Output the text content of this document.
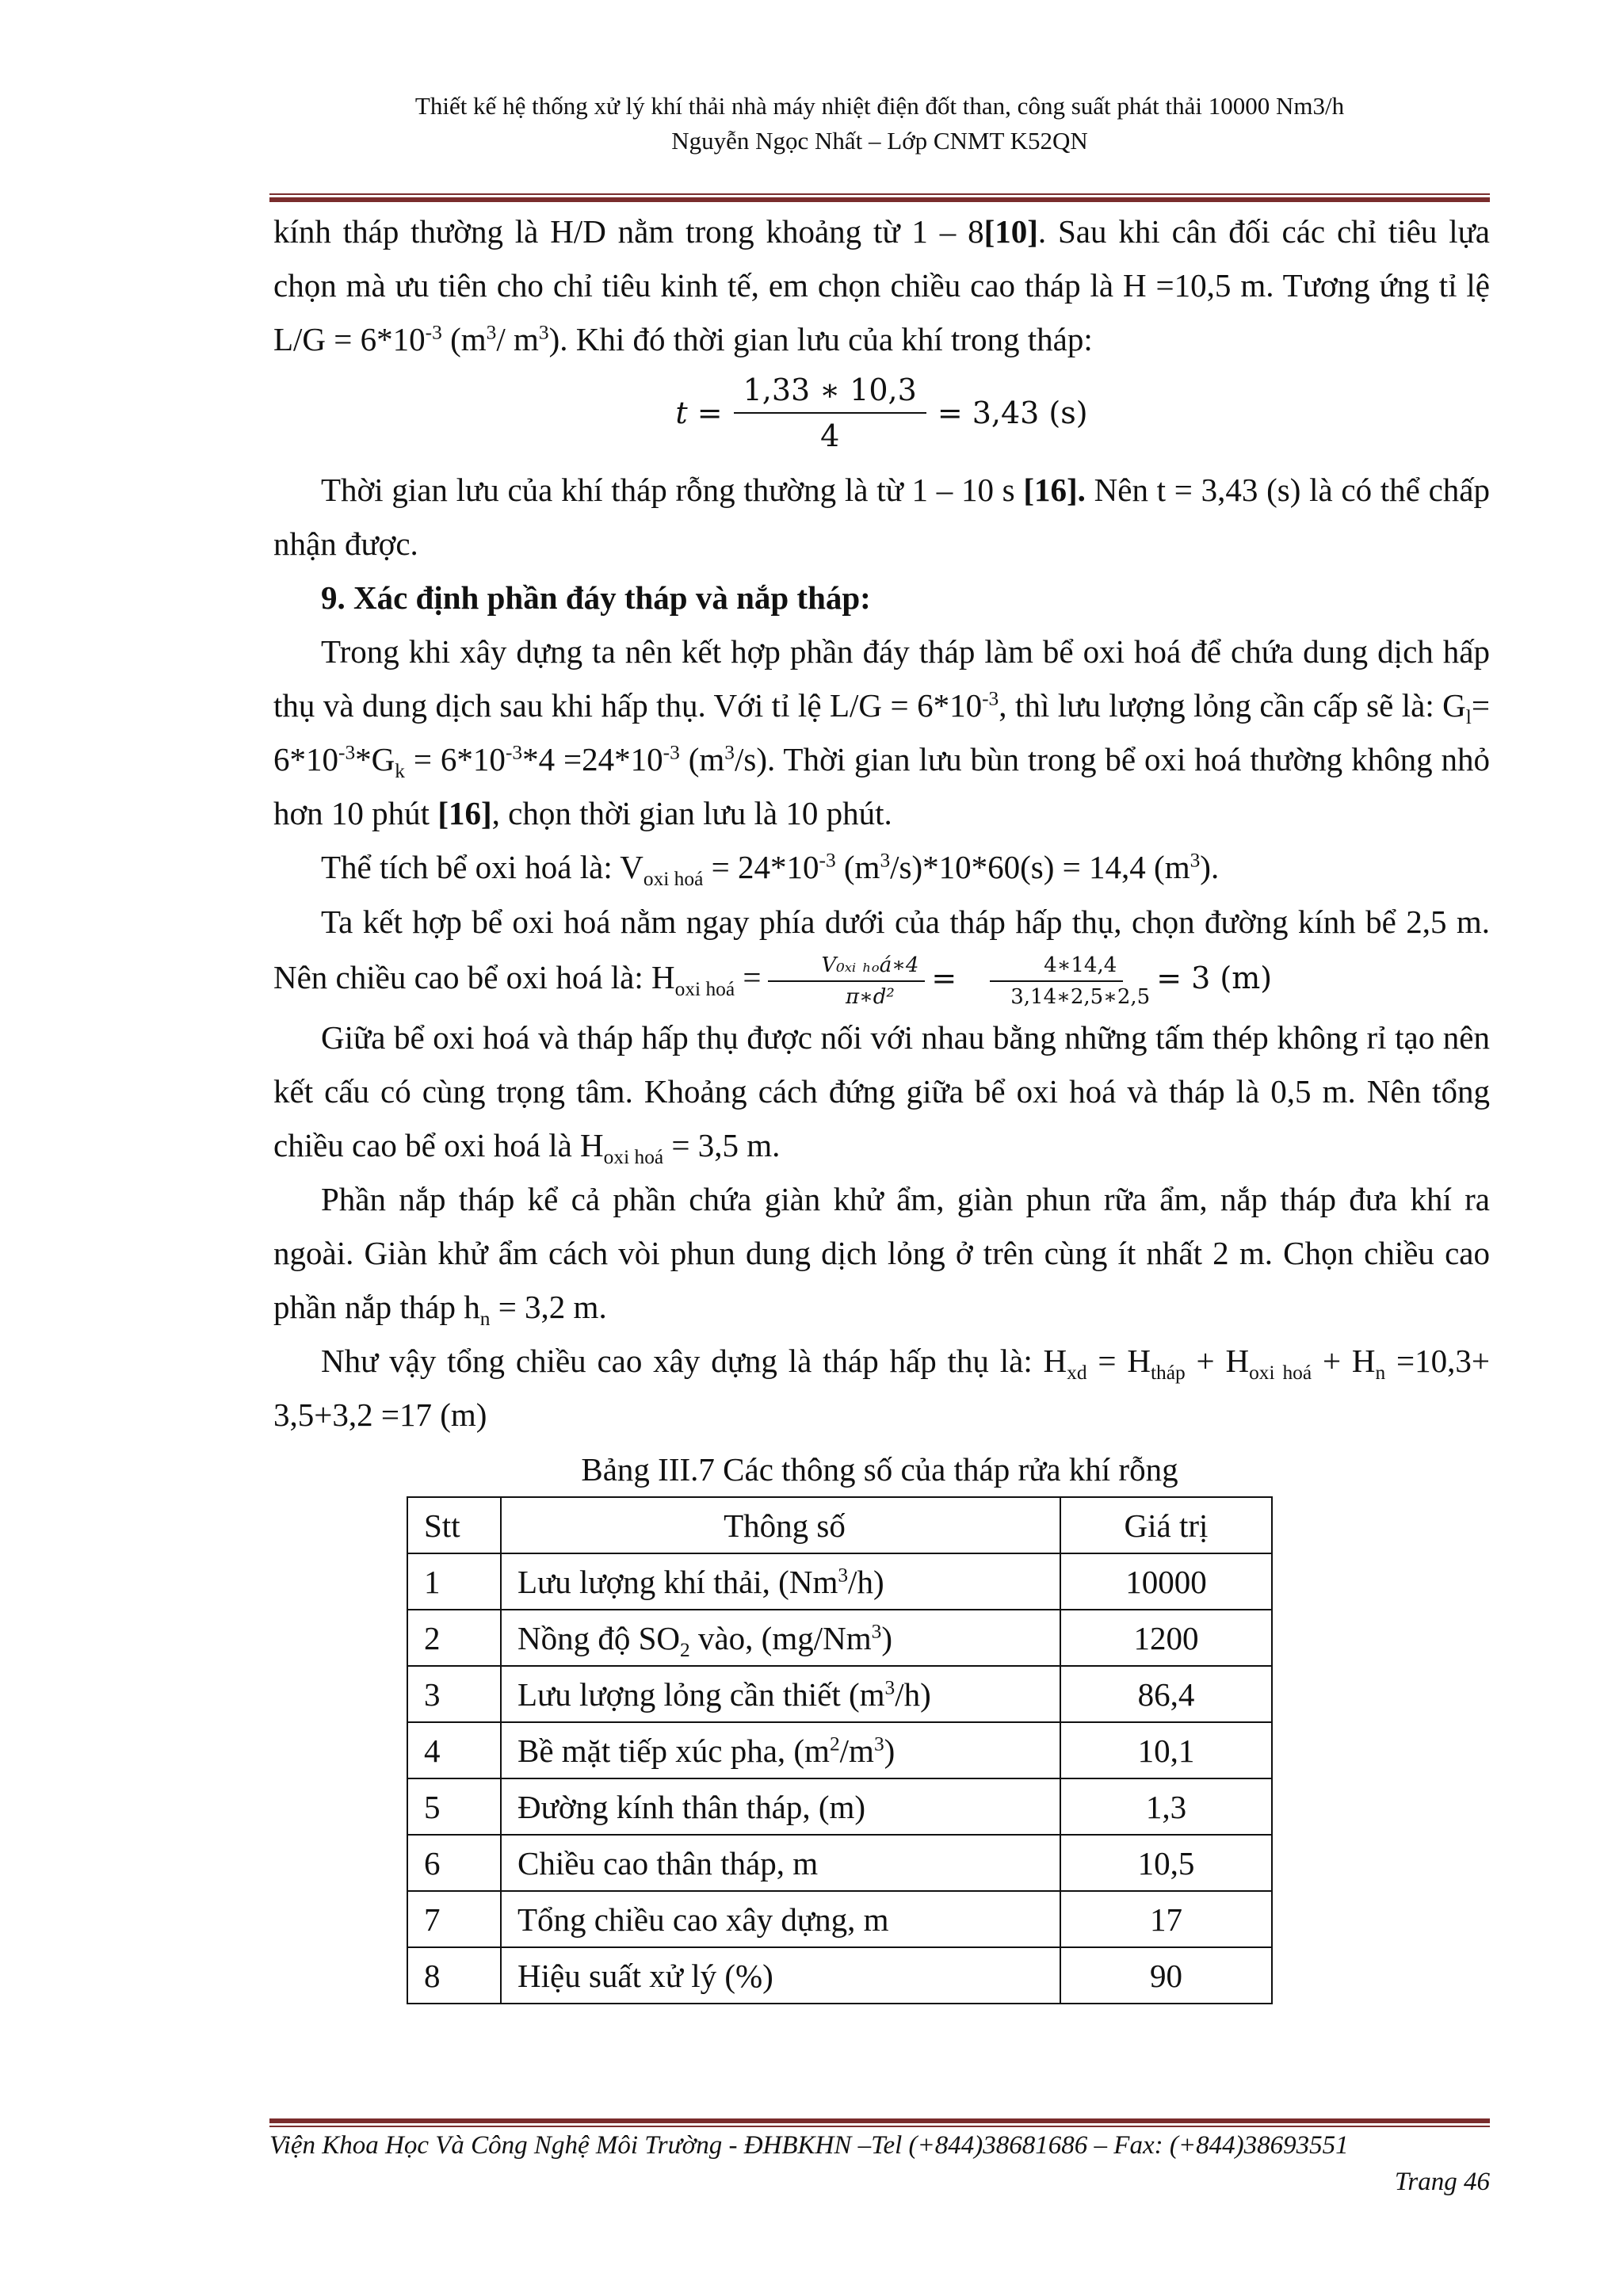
Thiết kế hệ thống xử lý khí thải nhà máy nhiệt điện đốt than, công suất phát thải 10000 Nm3/h
Nguyễn Ngọc Nhất – Lớp CNMT K52QN

kính tháp thường là H/D nằm trong khoảng từ 1 – 8[10]. Sau khi cân đối các chỉ tiêu lựa chọn mà ưu tiên cho chỉ tiêu kinh tế, em chọn chiều cao tháp là H =10,5 m. Tương ứng tỉ lệ $L/G = 6*10^{-3}$ ($m^3/$ $m^3$). Khi đó thời gian lưu của khí trong tháp:

$t = \frac{1,33 ∗ 10,3}{4} = 3,43$ (s)

Thời gian lưu của khí tháp rỗng thường là từ 1 – 10 s [16]. Nên t = 3,43 (s) là có thể chấp nhận được.

9. Xác định phần đáy tháp và nắp tháp:

Trong khi xây dựng ta nên kết hợp phần đáy tháp làm bể oxi hoá để chứa dung dịch hấp thụ và dung dịch sau khi hấp thụ. Với tỉ lệ $L/G = 6*10^{-3}$, thì lưu lượng lỏng cần cấp sẽ là: $G_l= 6*10^{-3}*G_k = 6*10^{-3}*4 =24*10^{-3}$ $(m^3/s)$. Thời gian lưu bùn trong bể oxi hoá thường không nhỏ hơn 10 phút [16], chọn thời gian lưu là 10 phút.

Thể tích bể oxi hoá là: $V_{oxi hoá} = 24*10^{-3}$ $(m^3/s)*10*60(s) = 14,4$ $(m^3)$.

Ta kết hợp bể oxi hoá nằm ngay phía dưới của tháp hấp thụ, chọn đường kính bể 2,5 m. Nên chiều cao bể oxi hoá là: $H_{oxi hoá} = \frac{\text{V₀ₓᵢ ₕₒá∗4}}{\text{π∗d²}} = \frac{4∗14,4}{3,14∗2,5∗2,5} = 3$ (m)

Giữa bể oxi hoá và tháp hấp thụ được nối với nhau bằng những tấm thép không rỉ tạo nên kết cấu có cùng trọng tâm. Khoảng cách đứng giữa bể oxi hoá và tháp là 0,5 m. Nên tổng chiều cao bể oxi hoá là $H_{oxi hoá} = 3,5$ m.

Phần nắp tháp kể cả phần chứa giàn khử ẩm, giàn phun rữa ẩm, nắp tháp đưa khí ra ngoài. Giàn khử ẩm cách vòi phun dung dịch lỏng ở trên cùng ít nhất 2 m. Chọn chiều cao phần nắp tháp $h_n = 3,2$ m.

Như vậy tổng chiều cao xây dựng là tháp hấp thụ là: $H_{xd} = H_{tháp} + H_{oxi hoá} + H_n =10,3+ 3,5+3,2 =17$ (m)

Bảng III.7 Các thông số của tháp rửa khí rỗng
Stt	Thông số	Giá trị
1	Lưu lượng khí thải, (Nm$^3$/h)	10000
2	Nồng độ $SO_2$ vào, (mg/Nm$^3$)	1200
3	Lưu lượng lỏng cần thiết $(m^3/h)$	86,4
4	Bề mặt tiếp xúc pha, $(m^2/m^3)$	10,1
5	Đường kính thân tháp, (m)	1,3
6	Chiều cao thân tháp, m	10,5
7	Tổng chiều cao xây dựng, m	17
8	Hiệu suất xử lý (%)	90
Viện Khoa Học Và Công Nghệ Môi Trường - ĐHBKHN –Tel (+844)38681686 – Fax: (+844)38693551
Trang 46
